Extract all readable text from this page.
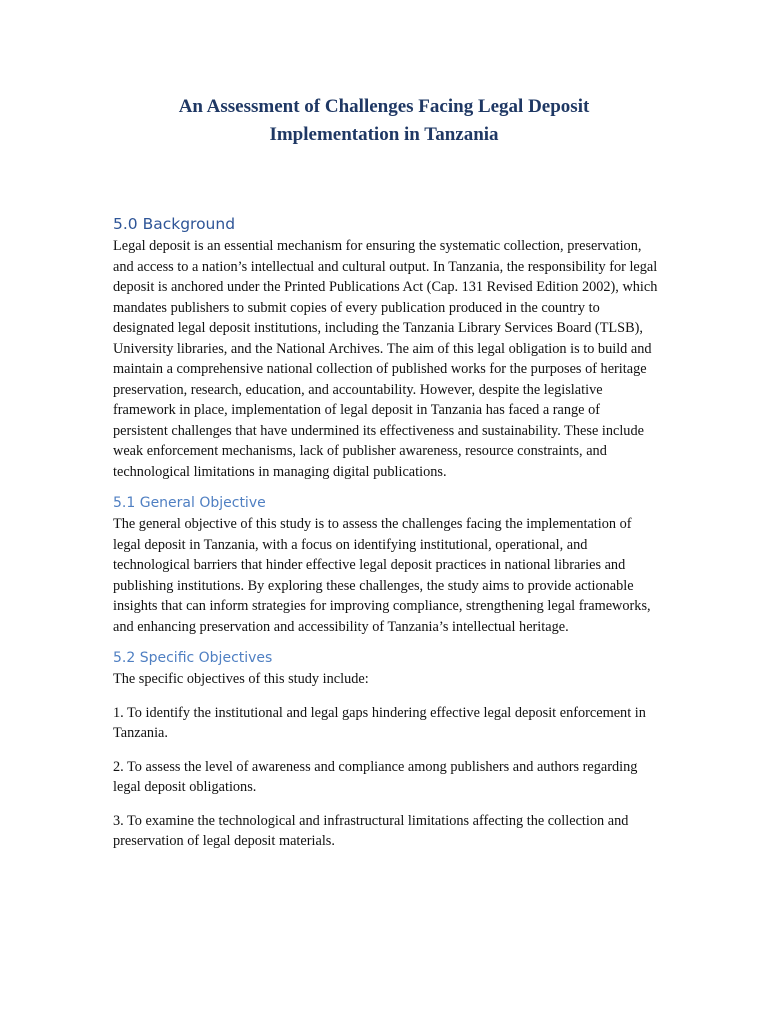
An Assessment of Challenges Facing Legal Deposit
Implementation in Tanzania
5.0 Background

Legal deposit is an essential mechanism for ensuring the systematic collection, preservation, and access to a nation’s intellectual and cultural output. In Tanzania, the responsibility for legal deposit is anchored under the Printed Publications Act (Cap. 131 Revised Edition 2002), which mandates publishers to submit copies of every publication produced in the country to designated legal deposit institutions, including the Tanzania Library Services Board (TLSB), University libraries, and the National Archives. The aim of this legal obligation is to build and maintain a comprehensive national collection of published works for the purposes of heritage preservation, research, education, and accountability. However, despite the legislative framework in place, implementation of legal deposit in Tanzania has faced a range of persistent challenges that have undermined its effectiveness and sustainability. These include weak enforcement mechanisms, lack of publisher awareness, resource constraints, and technological limitations in managing digital publications.

5.1 General Objective

The general objective of this study is to assess the challenges facing the implementation of legal deposit in Tanzania, with a focus on identifying institutional, operational, and technological barriers that hinder effective legal deposit practices in national libraries and publishing institutions. By exploring these challenges, the study aims to provide actionable insights that can inform strategies for improving compliance, strengthening legal frameworks, and enhancing preservation and accessibility of Tanzania’s intellectual heritage.

5.2 Specific Objectives

The specific objectives of this study include:

1. To identify the institutional and legal gaps hindering effective legal deposit enforcement in Tanzania.

2. To assess the level of awareness and compliance among publishers and authors regarding legal deposit obligations.

3. To examine the technological and infrastructural limitations affecting the collection and preservation of legal deposit materials.
